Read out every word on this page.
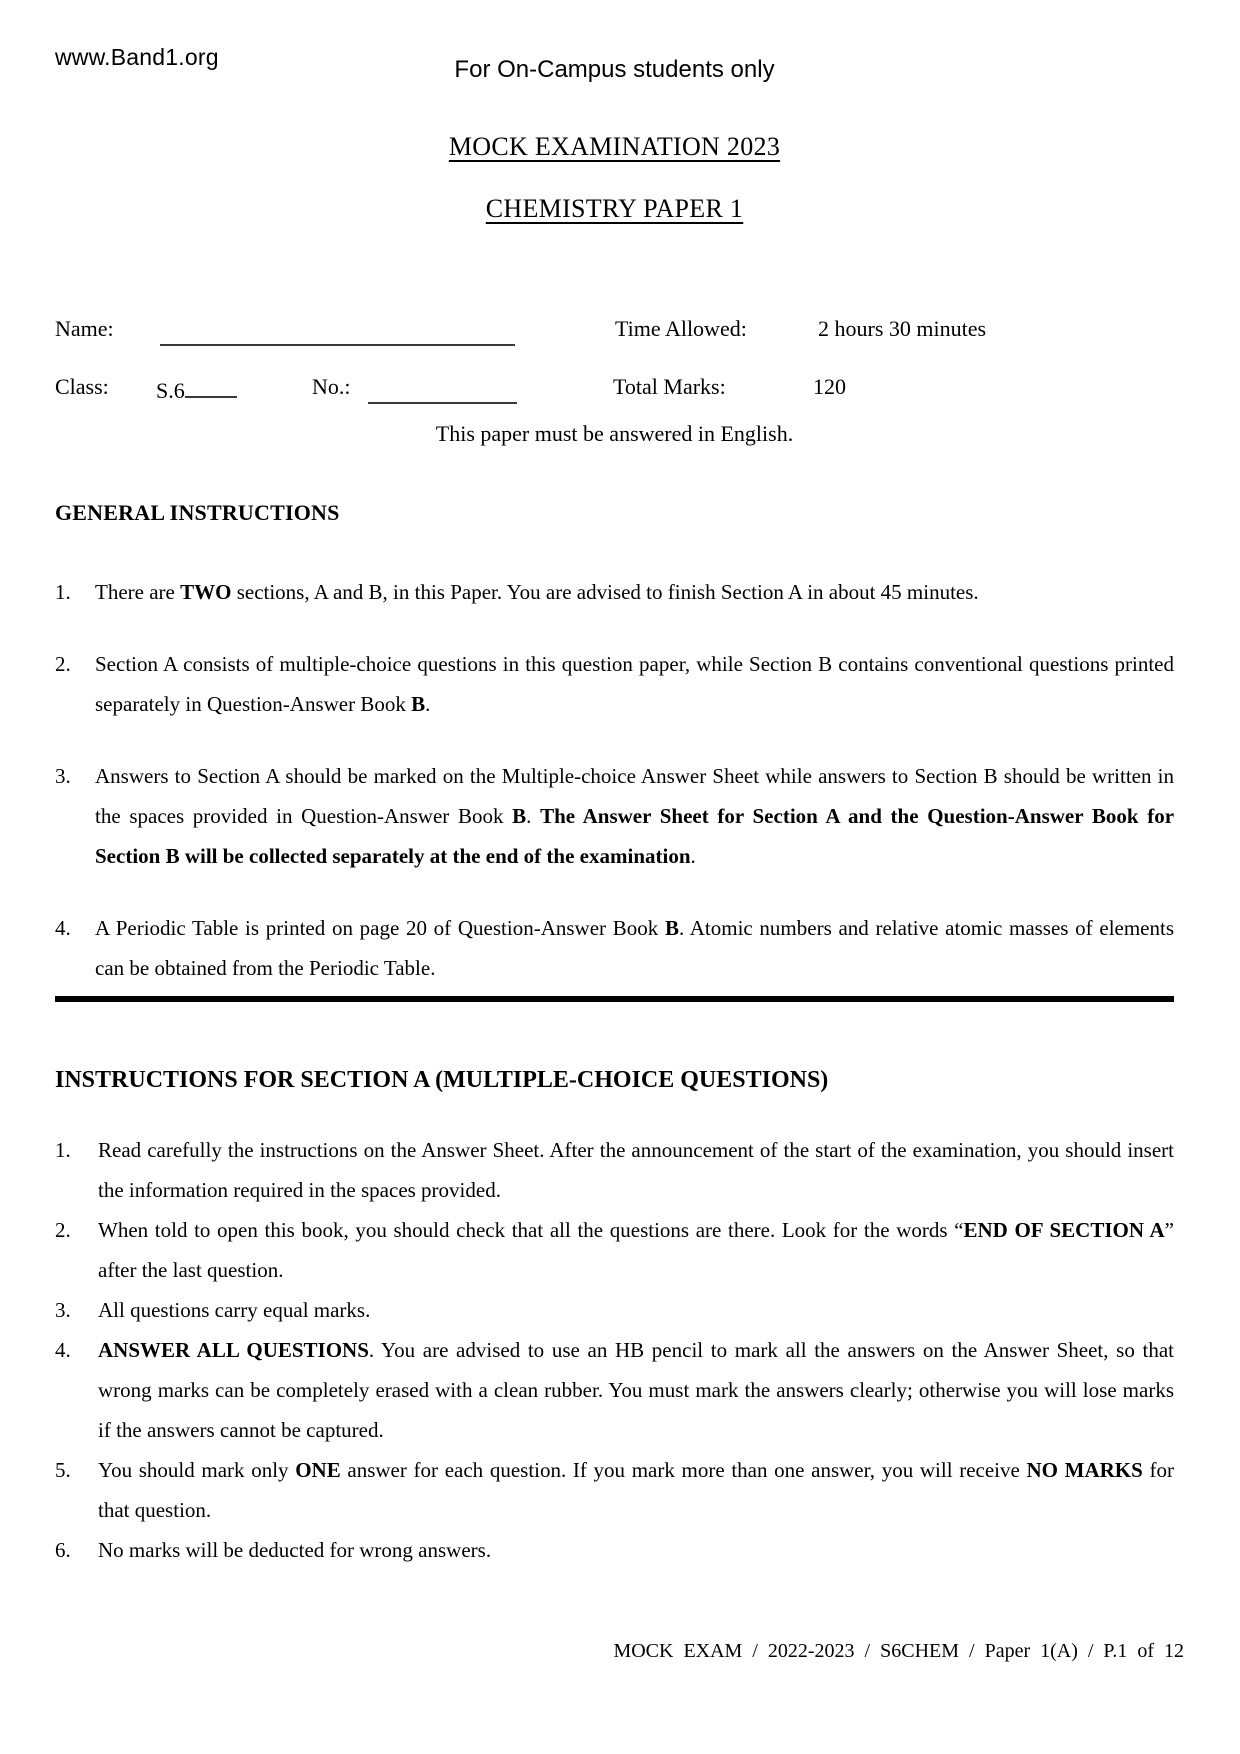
www.Band1.org	For On-Campus students only
MOCK EXAMINATION 2023
CHEMISTRY PAPER 1
Name:	Time Allowed:	2 hours 30 minutes
Class: S.6	No.:	Total Marks:	120
This paper must be answered in English.
GENERAL INSTRUCTIONS
1. There are TWO sections, A and B, in this Paper. You are advised to finish Section A in about 45 minutes.
2. Section A consists of multiple-choice questions in this question paper, while Section B contains conventional questions printed separately in Question-Answer Book B.
3. Answers to Section A should be marked on the Multiple-choice Answer Sheet while answers to Section B should be written in the spaces provided in Question-Answer Book B. The Answer Sheet for Section A and the Question-Answer Book for Section B will be collected separately at the end of the examination.
4. A Periodic Table is printed on page 20 of Question-Answer Book B. Atomic numbers and relative atomic masses of elements can be obtained from the Periodic Table.
INSTRUCTIONS FOR SECTION A (MULTIPLE-CHOICE QUESTIONS)
1. Read carefully the instructions on the Answer Sheet. After the announcement of the start of the examination, you should insert the information required in the spaces provided.
2. When told to open this book, you should check that all the questions are there. Look for the words “END OF SECTION A” after the last question.
3. All questions carry equal marks.
4. ANSWER ALL QUESTIONS. You are advised to use an HB pencil to mark all the answers on the Answer Sheet, so that wrong marks can be completely erased with a clean rubber. You must mark the answers clearly; otherwise you will lose marks if the answers cannot be captured.
5. You should mark only ONE answer for each question. If you mark more than one answer, you will receive NO MARKS for that question.
6. No marks will be deducted for wrong answers.
MOCK EXAM / 2022-2023 / S6CHEM / Paper 1(A) / P.1 of 12
